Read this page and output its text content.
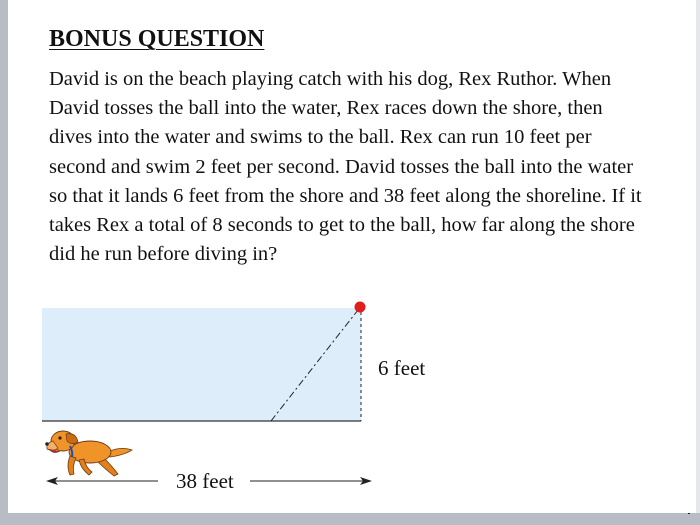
BONUS QUESTION

David is on the beach playing catch with his dog, Rex Ruthor. When David tosses the ball into the water, Rex races down the shore, then dives into the water and swims to the ball. Rex can run 10 feet per second and swim 2 feet per second. David tosses the ball into the water so that it lands 6 feet from the shore and 38 feet along the shoreline. If it takes Rex a total of 8 seconds to get to the ball, how far along the shore did he run before diving in?

6 feet
38 feet
